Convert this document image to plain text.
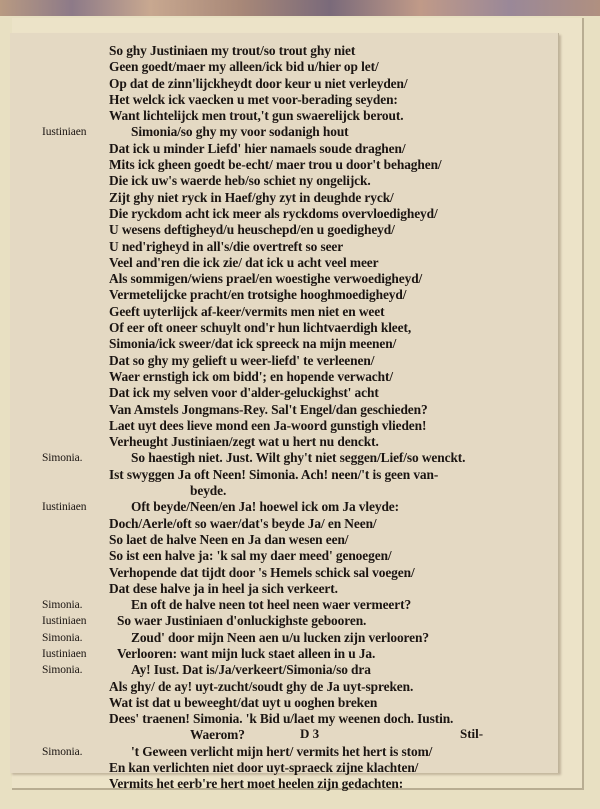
So ghy Justiniaen my trout/so trout ghy niet
Geen goedt/maer my alleen/ick bid u/hier op let/
Op dat de zinn'lijckheydt door keur u niet verleyden/
Het welck ick vaecken u met voor-berading seyden:
Want lichtelijck men trout,'t gun swaerelijck berout.
Iustiniaen	Simonia/so ghy my voor sodanigh hout
Dat ick u minder Liefd' hier namaels soude draghen/
Mits ick gheen goedt be-echt/ maer trou u door't behaghen/
Die ick uw's waerde heb/so schiet ny ongelijck.
Zijt ghy niet ryck in Haef/ghy zyt in deughde ryck/
Die ryckdom acht ick meer als ryckdoms overvloedigheyd/
U wesens deftigheyd/u heuschepd/en u goedigheyd/
U ned'righeyd in all's/die overtreft so seer
Veel and'ren die ick zie/ dat ick u acht veel meer
Als sommigen/wiens prael/en woestighe verwoedigheyd/
Vermetelijcke pracht/en trotsighe hooghmoedigheyd/
Geeft uyterlijck af-keer/vermits men niet en weet
Of eer oft oneer schuylt ond'r hun lichtvaerdigh kleet,
Simonia/ick sweer/dat ick spreeck na mijn meenen/
Dat so ghy my gelieft u weer-liefd' te verleenen/
Waer ernstigh ick om bidd'; en hopende verwacht/
Dat ick my selven voor d'alder-geluckighst' acht
Van Amstels Jongmans-Rey. Sal't Engel/dan geschieden?
Laet uyt dees lieve mond een Ja-woord gunstigh vlieden!
Verheught Justiniaen/zegt wat u hert nu denckt.
Simonia.	So haestigh niet. Just. Wilt ghy't niet seggen/Lief/so wenckt.
Ist swyggen Ja oft Neen! Simonia. Ach! neen/'t is geen van-
beyde.
Iustiniaen	Oft beyde/Neen/en Ja! hoewel ick om Ja vleyde:
Doch/Aerle/oft so waer/dat's beyde Ja/ en Neen/
So laet de halve Neen en Ja dan wesen een/
So ist een halve ja: 'k sal my daer meed' genoegen/
Verhopende dat tijdt door 's Hemels schick sal voegen/
Dat dese halve ja in heel ja sich verkeert.
Simonia.	En oft de halve neen tot heel neen waer vermeert?
Iustiniaen So waer Justiniaen d'onluckighste gebooren.
Simonia.	Zoud' door mijn Neen aen u/u lucken zijn verlooren?
Iustiniaen Verlooren: want mijn luck staet alleen in u Ja.
Simonia.	Ay! Iust. Dat is/Ja/verkeert/Simonia/so dra
Als ghy/ de ay! uyt-zucht/soudt ghy de Ja uyt-spreken.
Wat ist dat u beweeght/dat uyt u ooghen breken
Dees' traenen! Simonia. 'k Bid u/laet my weenen doch. Iustin.
Waerom?
Simonia.	't Geween verlicht mijn hert/ vermits het hert is stom/
En kan verlichten niet door uyt-spraeck zijne klachten/
Vermits het eerb're hert moet heelen zijn gedachten:
D 3	Stil-
